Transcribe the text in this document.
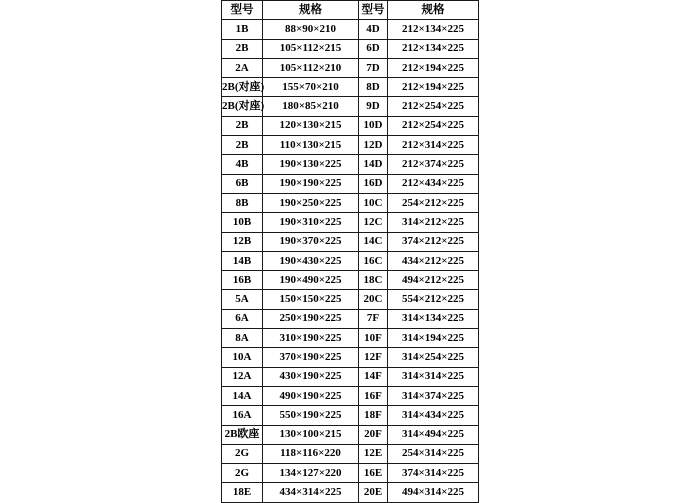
型号	规格	型号	规格
1B	88×90×210	4D	212×134×225
2B	105×112×215	6D	212×134×225
2A	105×112×210	7D	212×194×225
2B(对座)	155×70×210	8D	212×194×225
2B(对座)	180×85×210	9D	212×254×225
2B	120×130×215	10D	212×254×225
2B	110×130×215	12D	212×314×225
4B	190×130×225	14D	212×374×225
6B	190×190×225	16D	212×434×225
8B	190×250×225	10C	254×212×225
10B	190×310×225	12C	314×212×225
12B	190×370×225	14C	374×212×225
14B	190×430×225	16C	434×212×225
16B	190×490×225	18C	494×212×225
5A	150×150×225	20C	554×212×225
6A	250×190×225	7F	314×134×225
8A	310×190×225	10F	314×194×225
10A	370×190×225	12F	314×254×225
12A	430×190×225	14F	314×314×225
14A	490×190×225	16F	314×374×225
16A	550×190×225	18F	314×434×225
2B欧座	130×100×215	20F	314×494×225
2G	118×116×220	12E	254×314×225
2G	134×127×220	16E	374×314×225
18E	434×314×225	20E	494×314×225
